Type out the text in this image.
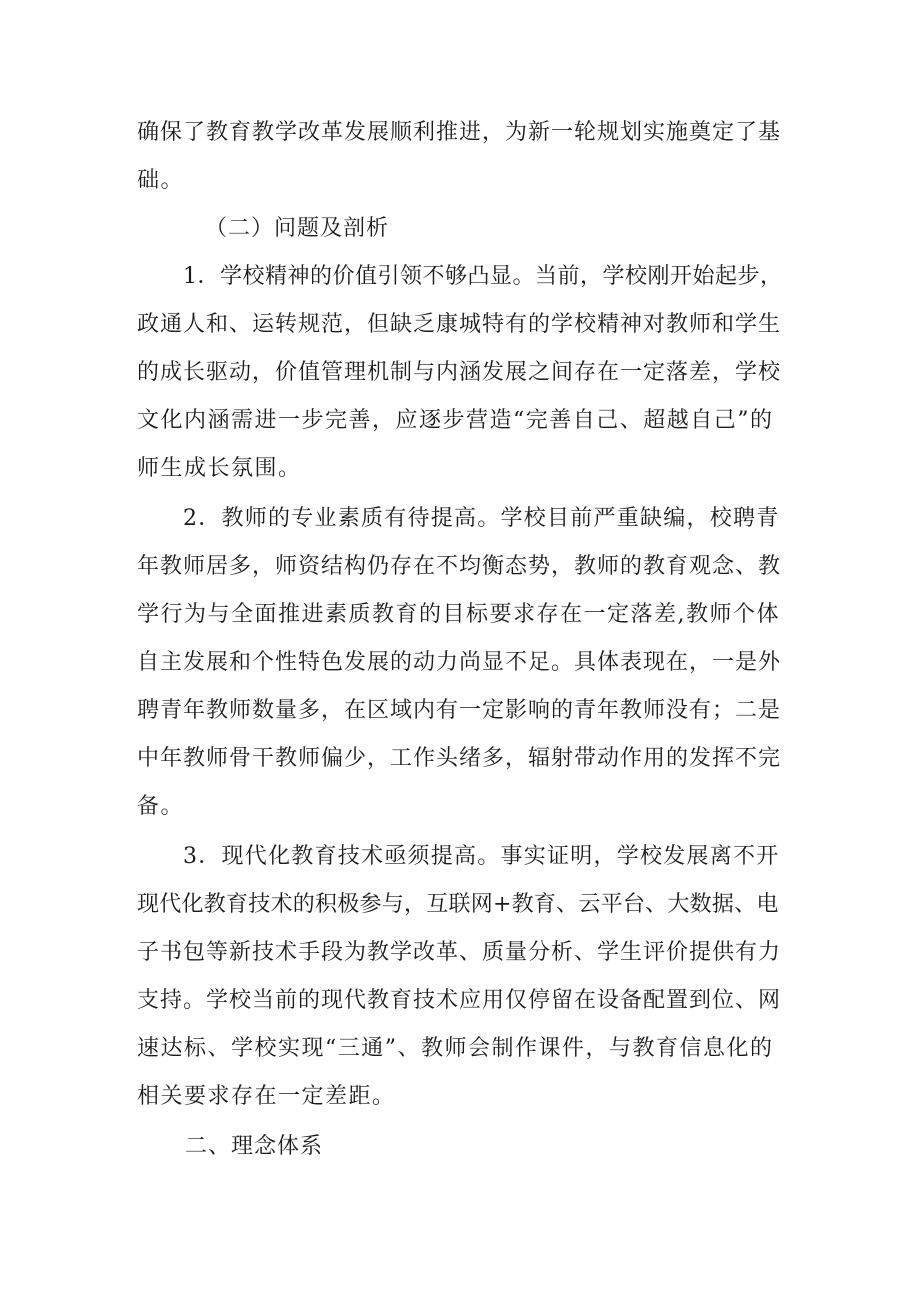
确保了教育教学改革发展顺利推进，为新一轮规划实施奠定了基

础。

（二）问题及剖析

1．学校精神的价值引领不够凸显。当前，学校刚开始起步，

政通人和、运转规范，但缺乏康城特有的学校精神对教师和学生

的成长驱动，价值管理机制与内涵发展之间存在一定落差，学校

文化内涵需进一步完善，应逐步营造“完善自己、超越自己”的

师生成长氛围。

2．教师的专业素质有待提高。学校目前严重缺编，校聘青

年教师居多，师资结构仍存在不均衡态势，教师的教育观念、教

学行为与全面推进素质教育的目标要求存在一定落差,教师个体

自主发展和个性特色发展的动力尚显不足。具体表现在，一是外

聘青年教师数量多，在区域内有一定影响的青年教师没有；二是

中年教师骨干教师偏少，工作头绪多，辐射带动作用的发挥不完

备。

3．现代化教育技术亟须提高。事实证明，学校发展离不开

现代化教育技术的积极参与，互联网+教育、云平台、大数据、电

子书包等新技术手段为教学改革、质量分析、学生评价提供有力

支持。学校当前的现代教育技术应用仅停留在设备配置到位、网

速达标、学校实现“三通”、教师会制作课件，与教育信息化的

相关要求存在一定差距。

二、理念体系
